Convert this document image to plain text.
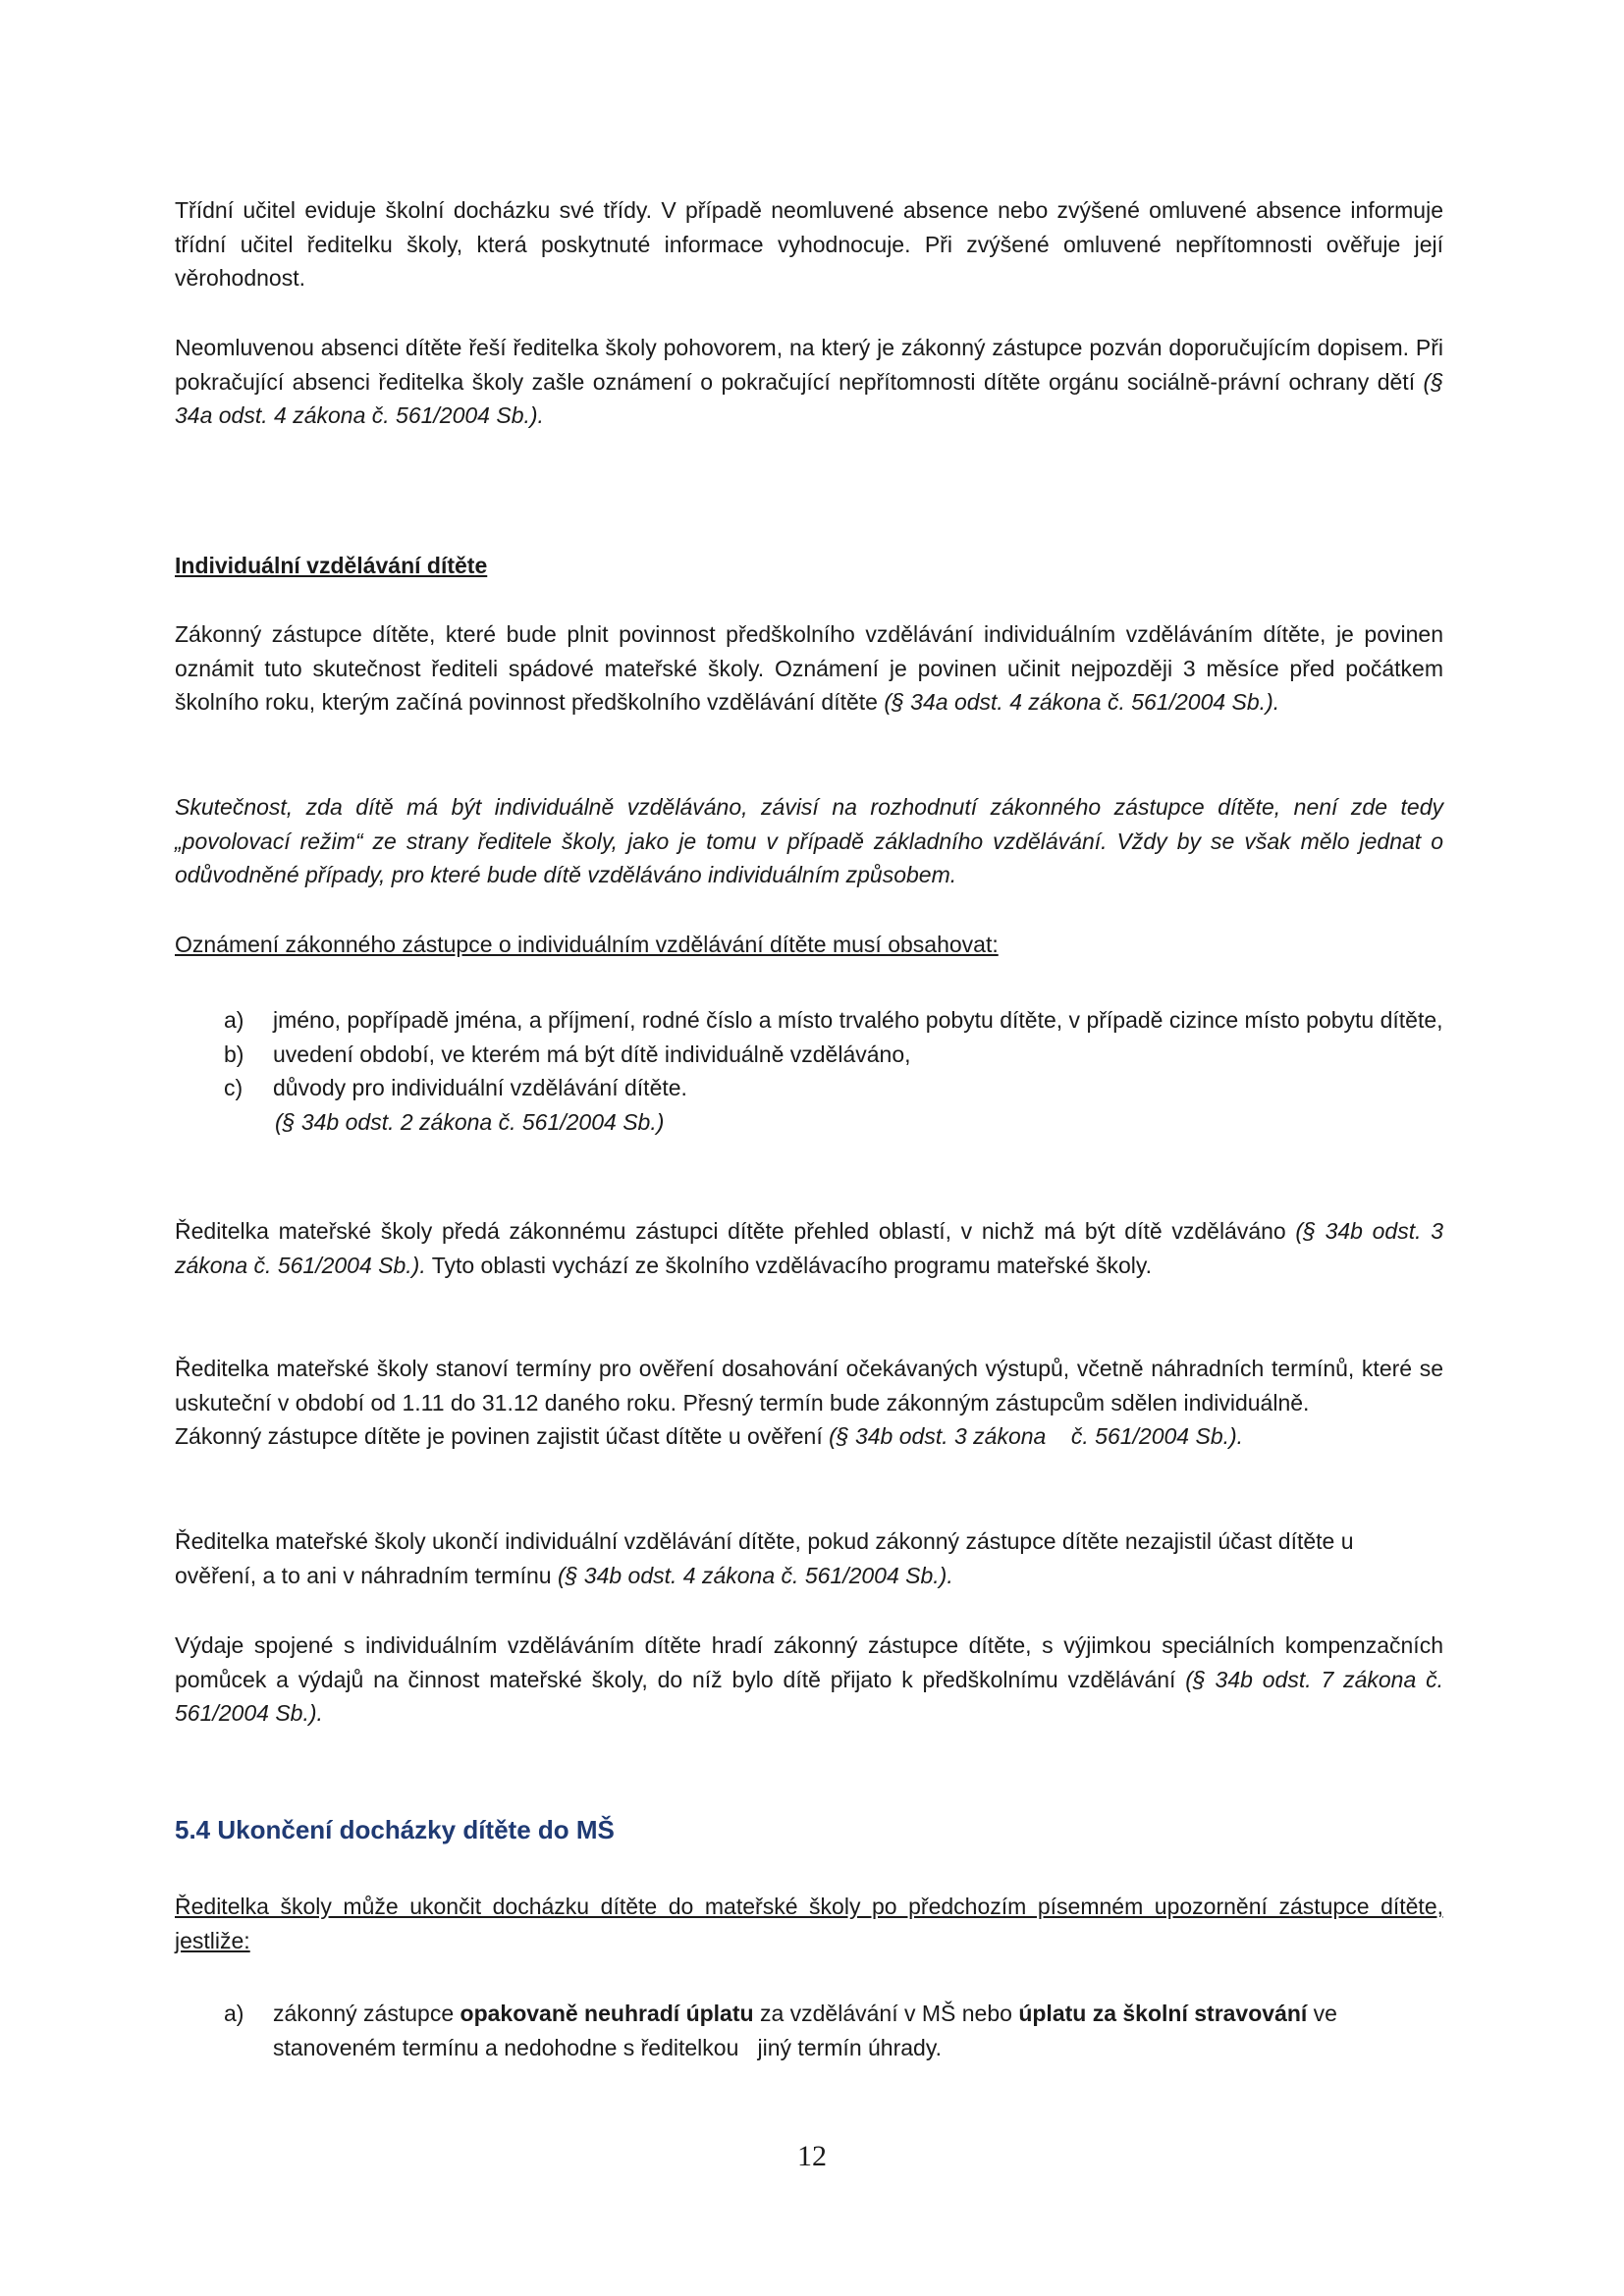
Třídní učitel eviduje školní docházku své třídy. V případě neomluvené absence nebo zvýšené omluvené absence informuje třídní učitel ředitelku školy, která poskytnuté informace vyhodnocuje. Při zvýšené omluvené nepřítomnosti ověřuje její věrohodnost.

Neomluvenou absenci dítěte řeší ředitelka školy pohovorem, na který je zákonný zástupce pozván doporučujícím dopisem. Při pokračující absenci ředitelka školy zašle oznámení o pokračující nepřítomnosti dítěte orgánu sociálně-právní ochrany dětí (§ 34a odst. 4 zákona č. 561/2004 Sb.).

Individuální vzdělávání dítěte

Zákonný zástupce dítěte, které bude plnit povinnost předškolního vzdělávání individuálním vzděláváním dítěte, je povinen oznámit tuto skutečnost řediteli spádové mateřské školy. Oznámení je povinen učinit nejpozději 3 měsíce před počátkem školního roku, kterým začíná povinnost předškolního vzdělávání dítěte (§ 34a odst. 4 zákona č. 561/2004 Sb.).

Skutečnost, zda dítě má být individuálně vzděláváno, závisí na rozhodnutí zákonného zástupce dítěte, není zde tedy „povolovací režim“ ze strany ředitele školy, jako je tomu v případě základního vzdělávání. Vždy by se však mělo jednat o odůvodněné případy, pro které bude dítě vzděláváno individuálním způsobem.

Oznámení zákonného zástupce o individuálním vzdělávání dítěte musí obsahovat:

a) jméno, popřípadě jména, a příjmení, rodné číslo a místo trvalého pobytu dítěte, v případě cizince místo pobytu dítěte,
b) uvedení období, ve kterém má být dítě individuálně vzděláváno,
c) důvody pro individuální vzdělávání dítěte.
(§ 34b odst. 2 zákona č. 561/2004 Sb.)

Ředitelka mateřské školy předá zákonnému zástupci dítěte přehled oblastí, v nichž má být dítě vzděláváno (§ 34b odst. 3 zákona č. 561/2004 Sb.). Tyto oblasti vychází ze školního vzdělávacího programu mateřské školy.

Ředitelka mateřské školy stanoví termíny pro ověření dosahování očekávaných výstupů, včetně náhradních termínů, které se uskuteční v období od 1.11 do 31.12 daného roku. Přesný termín bude zákonným zástupcům sdělen individuálně.

Zákonný zástupce dítěte je povinen zajistit účast dítěte u ověření (§ 34b odst. 3 zákona    č. 561/2004 Sb.).

Ředitelka mateřské školy ukončí individuální vzdělávání dítěte, pokud zákonný zástupce dítěte nezajistil účast dítěte u ověření, a to ani v náhradním termínu (§ 34b odst. 4 zákona č. 561/2004 Sb.).

Výdaje spojené s individuálním vzděláváním dítěte hradí zákonný zástupce dítěte, s výjimkou speciálních kompenzačních pomůcek a výdajů na činnost mateřské školy, do níž bylo dítě přijato k předškolnímu vzdělávání (§ 34b odst. 7 zákona č. 561/2004 Sb.).

5.4 Ukončení docházky dítěte do MŠ

Ředitelka školy může ukončit docházku dítěte do mateřské školy po předchozím písemném upozornění zástupce dítěte, jestliže:

a) zákonný zástupce opakovaně neuhradí úplatu za vzdělávání v MŠ nebo úplatu za školní stravování ve stanoveném termínu a nedohodne s ředitelkou   jiný termín úhrady.
12
